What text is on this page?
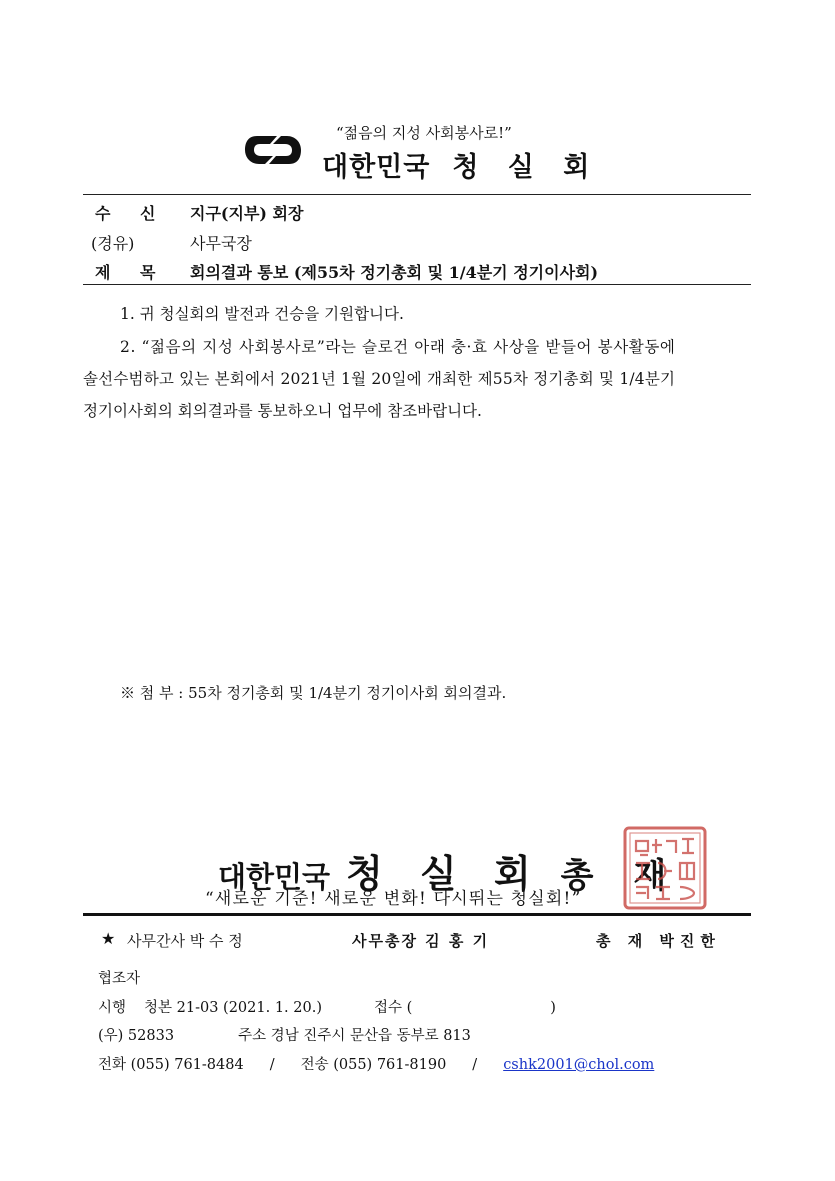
“젊음의 지성 사회봉사로!”
대한민국 청 실 회
수 신 지구(지부) 회장
(경유)	사무국장
제 목 회의결과 통보 (제55차 정기총회 및 1/4분기 정기이사회)
1. 귀 청실회의 발전과 건승을 기원합니다.
2. “젊음의 지성 사회봉사로”라는 슬로건 아래 충·효 사상을 받들어 봉사활동에
솔선수범하고 있는 본회에서 2021년 1월 20일에 개최한 제55차 정기총회 및 1/4분기
정기이사회의 회의결과를 통보하오니 업무에 참조바랍니다.
※ 첨 부 : 55차 정기총회 및 1/4분기 정기이사회 회의결과.
대한민국 청 실 회 총 재
“새로운 기준! 새로운 변화! 다시뛰는 청실회!”
★ 사무간사 박 수 정	사무총장 김 홍 기	총 재 박진한
협조자
시행 청본 21-03 (2021. 1. 20.)	접수 (	)
(우) 52833	주소 경남 진주시 문산읍 동부로 813
전화 (055) 761-8484 / 전송 (055) 761-8190 / cshk2001@chol.com
